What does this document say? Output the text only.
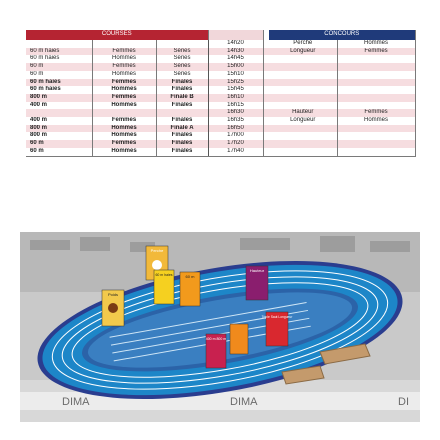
COURSES					CONCOURS	
			14h20		Perche	Hommes
60 m haies	Femmes	Séries	14h30		Longueur	Femmes
60 m haies	Hommes	Séries	14h45			
60 m	Femmes	Séries	15h00			
60 m	Hommes	Séries	15h10			
60 m haies	Femmes	Finales	15h25			
60 m haies	Hommes	Finales	15h45			
800 m	Femmes	Finale B	16h10			
400 m	Hommes	Finales	16h15			
			16h30		Hauteur	Femmes
400 m	Femmes	Finales	16h35		Longueur	Hommes
800 m	Hommes	Finale A	16h50			
800 m	Hommes	Finales	17h00			
60 m	Femmes	Finales	17h20			
60 m	Hommes	Finales	17h40			
DIMA	DIMA	DI
Poids
Perche
60 m haies	60 m
Hauteur
Triple Saut Longueur
400 m 800 m
